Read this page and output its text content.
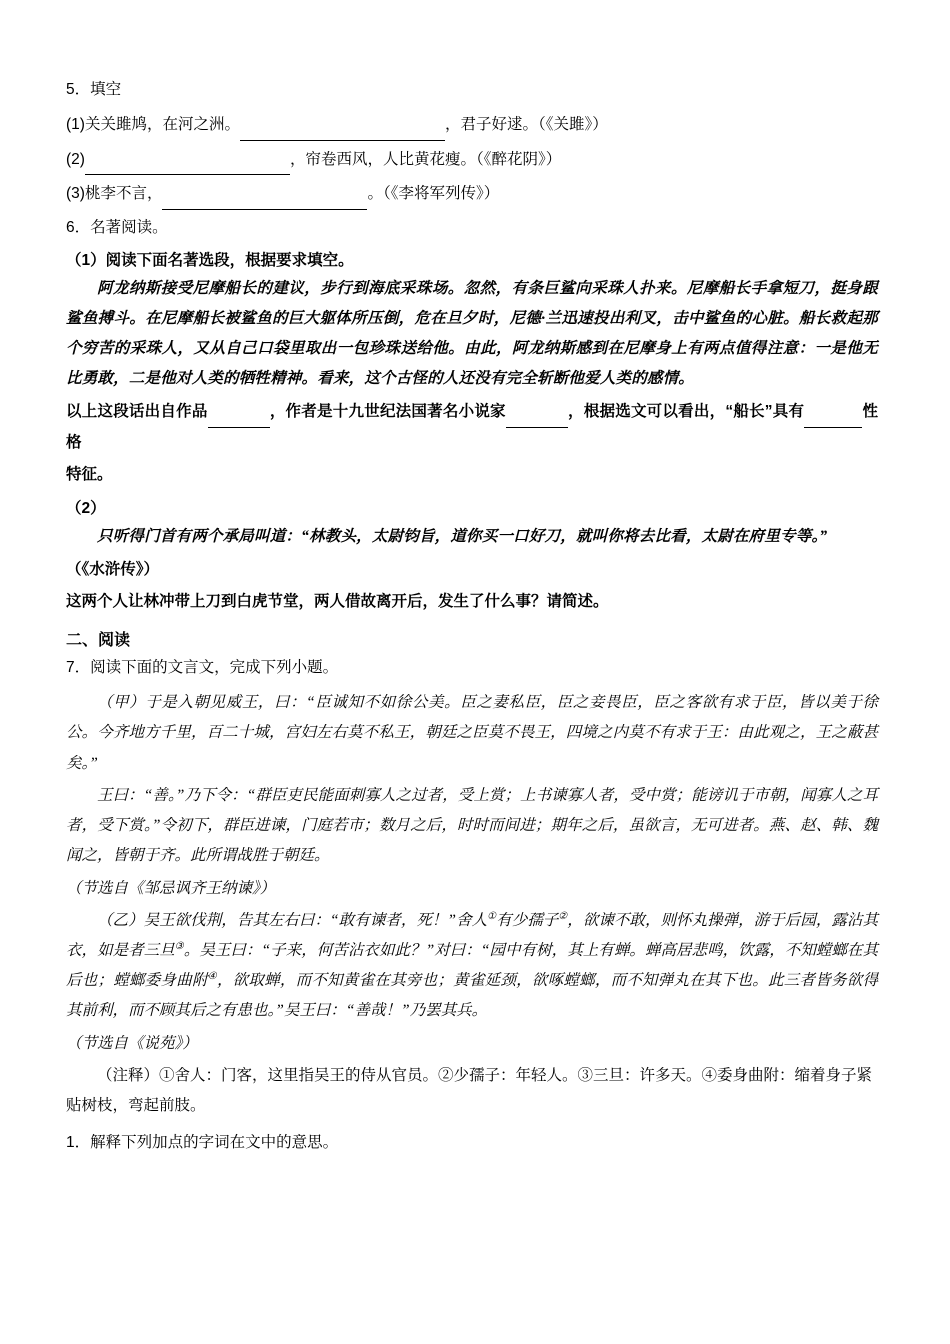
5．填空
(1)关关雎鸠，在河之洲。	，君子好逑。（《关雎》）
(2)	，帘卷西风，人比黄花瘦。（《醉花阴》）
(3)桃李不言，	。（《李将军列传》）
6．名著阅读。
（1）阅读下面名著选段，根据要求填空。
阿龙纳斯接受尼摩船长的建议，步行到海底采珠场。忽然，有条巨鲨向采珠人扑来。尼摩船长手拿短刀，挺身跟鲨鱼搏斗。在尼摩船长被鲨鱼的巨大躯体所压倒，危在旦夕时，尼德·兰迅速投出利叉，击中鲨鱼的心脏。船长救起那个穷苦的采珠人，又从自己口袋里取出一包珍珠送给他。由此，阿龙纳斯感到在尼摩身上有两点值得注意：一是他无比勇敢，二是他对人类的牺牲精神。看来，这个古怪的人还没有完全斩断他爱人类的感情。
以上这段话出自作品	，作者是十九世纪法国著名小说家	，根据选文可以看出，“船长”具有	性格
特征。
（2）
只听得门首有两个承局叫道：“林教头，太尉钧旨，道你买一口好刀，就叫你将去比看，太尉在府里专等。”
（《水浒传》）
这两个人让林冲带上刀到白虎节堂，两人借故离开后，发生了什么事？请简述。
二、阅读
7．阅读下面的文言文，完成下列小题。
（甲）于是入朝见威王，曰：“臣诚知不如徐公美。臣之妻私臣，臣之妾畏臣，臣之客欲有求于臣，皆以美于徐公。今齐地方千里，百二十城，宫妇左右莫不私王，朝廷之臣莫不畏王，四境之内莫不有求于王：由此观之，王之蔽甚矣。”
王曰：“善。”乃下令：“群臣吏民能面刺寡人之过者，受上赏；上书谏寡人者，受中赏；能谤讥于市朝，闻寡人之耳者，受下赏。”令初下，群臣进谏，门庭若市；数月之后，时时而间进；期年之后，虽欲言，无可进者。燕、赵、韩、魏闻之，皆朝于齐。此所谓战胜于朝廷。
（节选自《邹忌讽齐王纳谏》）
（乙）吴王欲伐荆，告其左右曰：“敢有谏者，死！”舍人①有少孺子②，欲谏不敢，则怀丸操弹，游于后园，露沾其衣，如是者三旦③。吴王曰：“子来，何苦沾衣如此？”对曰：“园中有树，其上有蝉。蝉高居悲鸣，饮露，不知螳螂在其后也；螳螂委身曲附④，欲取蝉，而不知黄雀在其旁也；黄雀延颈，欲啄螳螂，而不知弹丸在其下也。此三者皆务欲得其前利，而不顾其后之有患也。”吴王曰：“善哉！”乃罢其兵。
（节选自《说苑》）
（注释）①舍人：门客，这里指吴王的侍从官员。②少孺子：年轻人。③三旦：许多天。④委身曲附：缩着身子紧贴树枝，弯起前肢。
1．解释下列加点的字词在文中的意思。
